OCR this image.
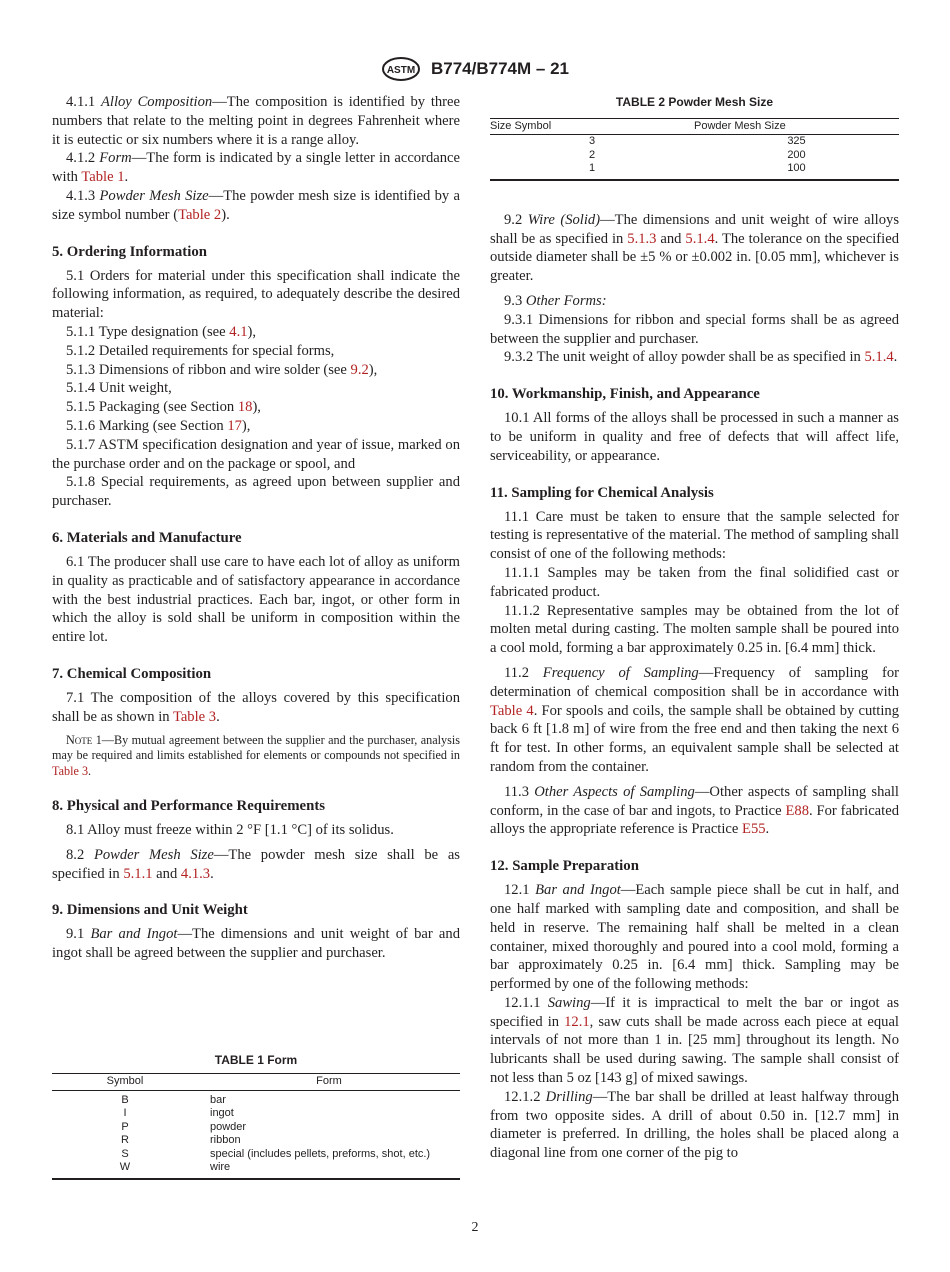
ASTM B774/B774M – 21

4.1.1 Alloy Composition—The composition is identified by three numbers that relate to the melting point in degrees Fahrenheit where it is eutectic or six numbers where it is a range alloy.

4.1.2 Form—The form is indicated by a single letter in accordance with Table 1.

4.1.3 Powder Mesh Size—The powder mesh size is identified by a size symbol number (Table 2).

5. Ordering Information

5.1 Orders for material under this specification shall indicate the following information, as required, to adequately describe the desired material:

5.1.1 Type designation (see 4.1),

5.1.2 Detailed requirements for special forms,

5.1.3 Dimensions of ribbon and wire solder (see 9.2),

5.1.4 Unit weight,

5.1.5 Packaging (see Section 18),

5.1.6 Marking (see Section 17),

5.1.7 ASTM specification designation and year of issue, marked on the purchase order and on the package or spool, and

5.1.8 Special requirements, as agreed upon between supplier and purchaser.

6. Materials and Manufacture

6.1 The producer shall use care to have each lot of alloy as uniform in quality as practicable and of satisfactory appearance in accordance with the best industrial practices. Each bar, ingot, or other form in which the alloy is sold shall be uniform in composition within the entire lot.

7. Chemical Composition

7.1 The composition of the alloys covered by this specification shall be as shown in Table 3.

Note 1—By mutual agreement between the supplier and the purchaser, analysis may be required and limits established for elements or compounds not specified in Table 3.

8. Physical and Performance Requirements

8.1 Alloy must freeze within 2 °F [1.1 °C] of its solidus.

8.2 Powder Mesh Size—The powder mesh size shall be as specified in 5.1.1 and 4.1.3.

9. Dimensions and Unit Weight

9.1 Bar and Ingot—The dimensions and unit weight of bar and ingot shall be agreed between the supplier and purchaser.

TABLE 1 Form
Symbol	Form
B	bar
I	ingot
P	powder
R	ribbon
S	special (includes pellets, preforms, shot, etc.)
W	wire
TABLE 2 Powder Mesh Size
Size Symbol	Powder Mesh Size
3	325
2	200
1	100

9.2 Wire (Solid)—The dimensions and unit weight of wire alloys shall be as specified in 5.1.3 and 5.1.4. The tolerance on the specified outside diameter shall be ±5 % or ±0.002 in. [0.05 mm], whichever is greater.

9.3 Other Forms:

9.3.1 Dimensions for ribbon and special forms shall be as agreed between the supplier and purchaser.

9.3.2 The unit weight of alloy powder shall be as specified in 5.1.4.

10. Workmanship, Finish, and Appearance

10.1 All forms of the alloys shall be processed in such a manner as to be uniform in quality and free of defects that will affect life, serviceability, or appearance.

11. Sampling for Chemical Analysis

11.1 Care must be taken to ensure that the sample selected for testing is representative of the material. The method of sampling shall consist of one of the following methods:

11.1.1 Samples may be taken from the final solidified cast or fabricated product.

11.1.2 Representative samples may be obtained from the lot of molten metal during casting. The molten sample shall be poured into a cool mold, forming a bar approximately 0.25 in. [6.4 mm] thick.

11.2 Frequency of Sampling—Frequency of sampling for determination of chemical composition shall be in accordance with Table 4. For spools and coils, the sample shall be obtained by cutting back 6 ft [1.8 m] of wire from the free end and then taking the next 6 ft for test. In other forms, an equivalent sample shall be selected at random from the container.

11.3 Other Aspects of Sampling—Other aspects of sampling shall conform, in the case of bar and ingots, to Practice E88. For fabricated alloys the appropriate reference is Practice E55.

12. Sample Preparation

12.1 Bar and Ingot—Each sample piece shall be cut in half, and one half marked with sampling date and composition, and shall be held in reserve. The remaining half shall be melted in a clean container, mixed thoroughly and poured into a cool mold, forming a bar approximately 0.25 in. [6.4 mm] thick. Sampling may be performed by one of the following methods:

12.1.1 Sawing—If it is impractical to melt the bar or ingot as specified in 12.1, saw cuts shall be made across each piece at equal intervals of not more than 1 in. [25 mm] throughout its length. No lubricants shall be used during sawing. The sample shall consist of not less than 5 oz [143 g] of mixed sawings.

12.1.2 Drilling—The bar shall be drilled at least halfway through from two opposite sides. A drill of about 0.50 in. [12.7 mm] in diameter is preferred. In drilling, the holes shall be placed along a diagonal line from one corner of the pig to

2
